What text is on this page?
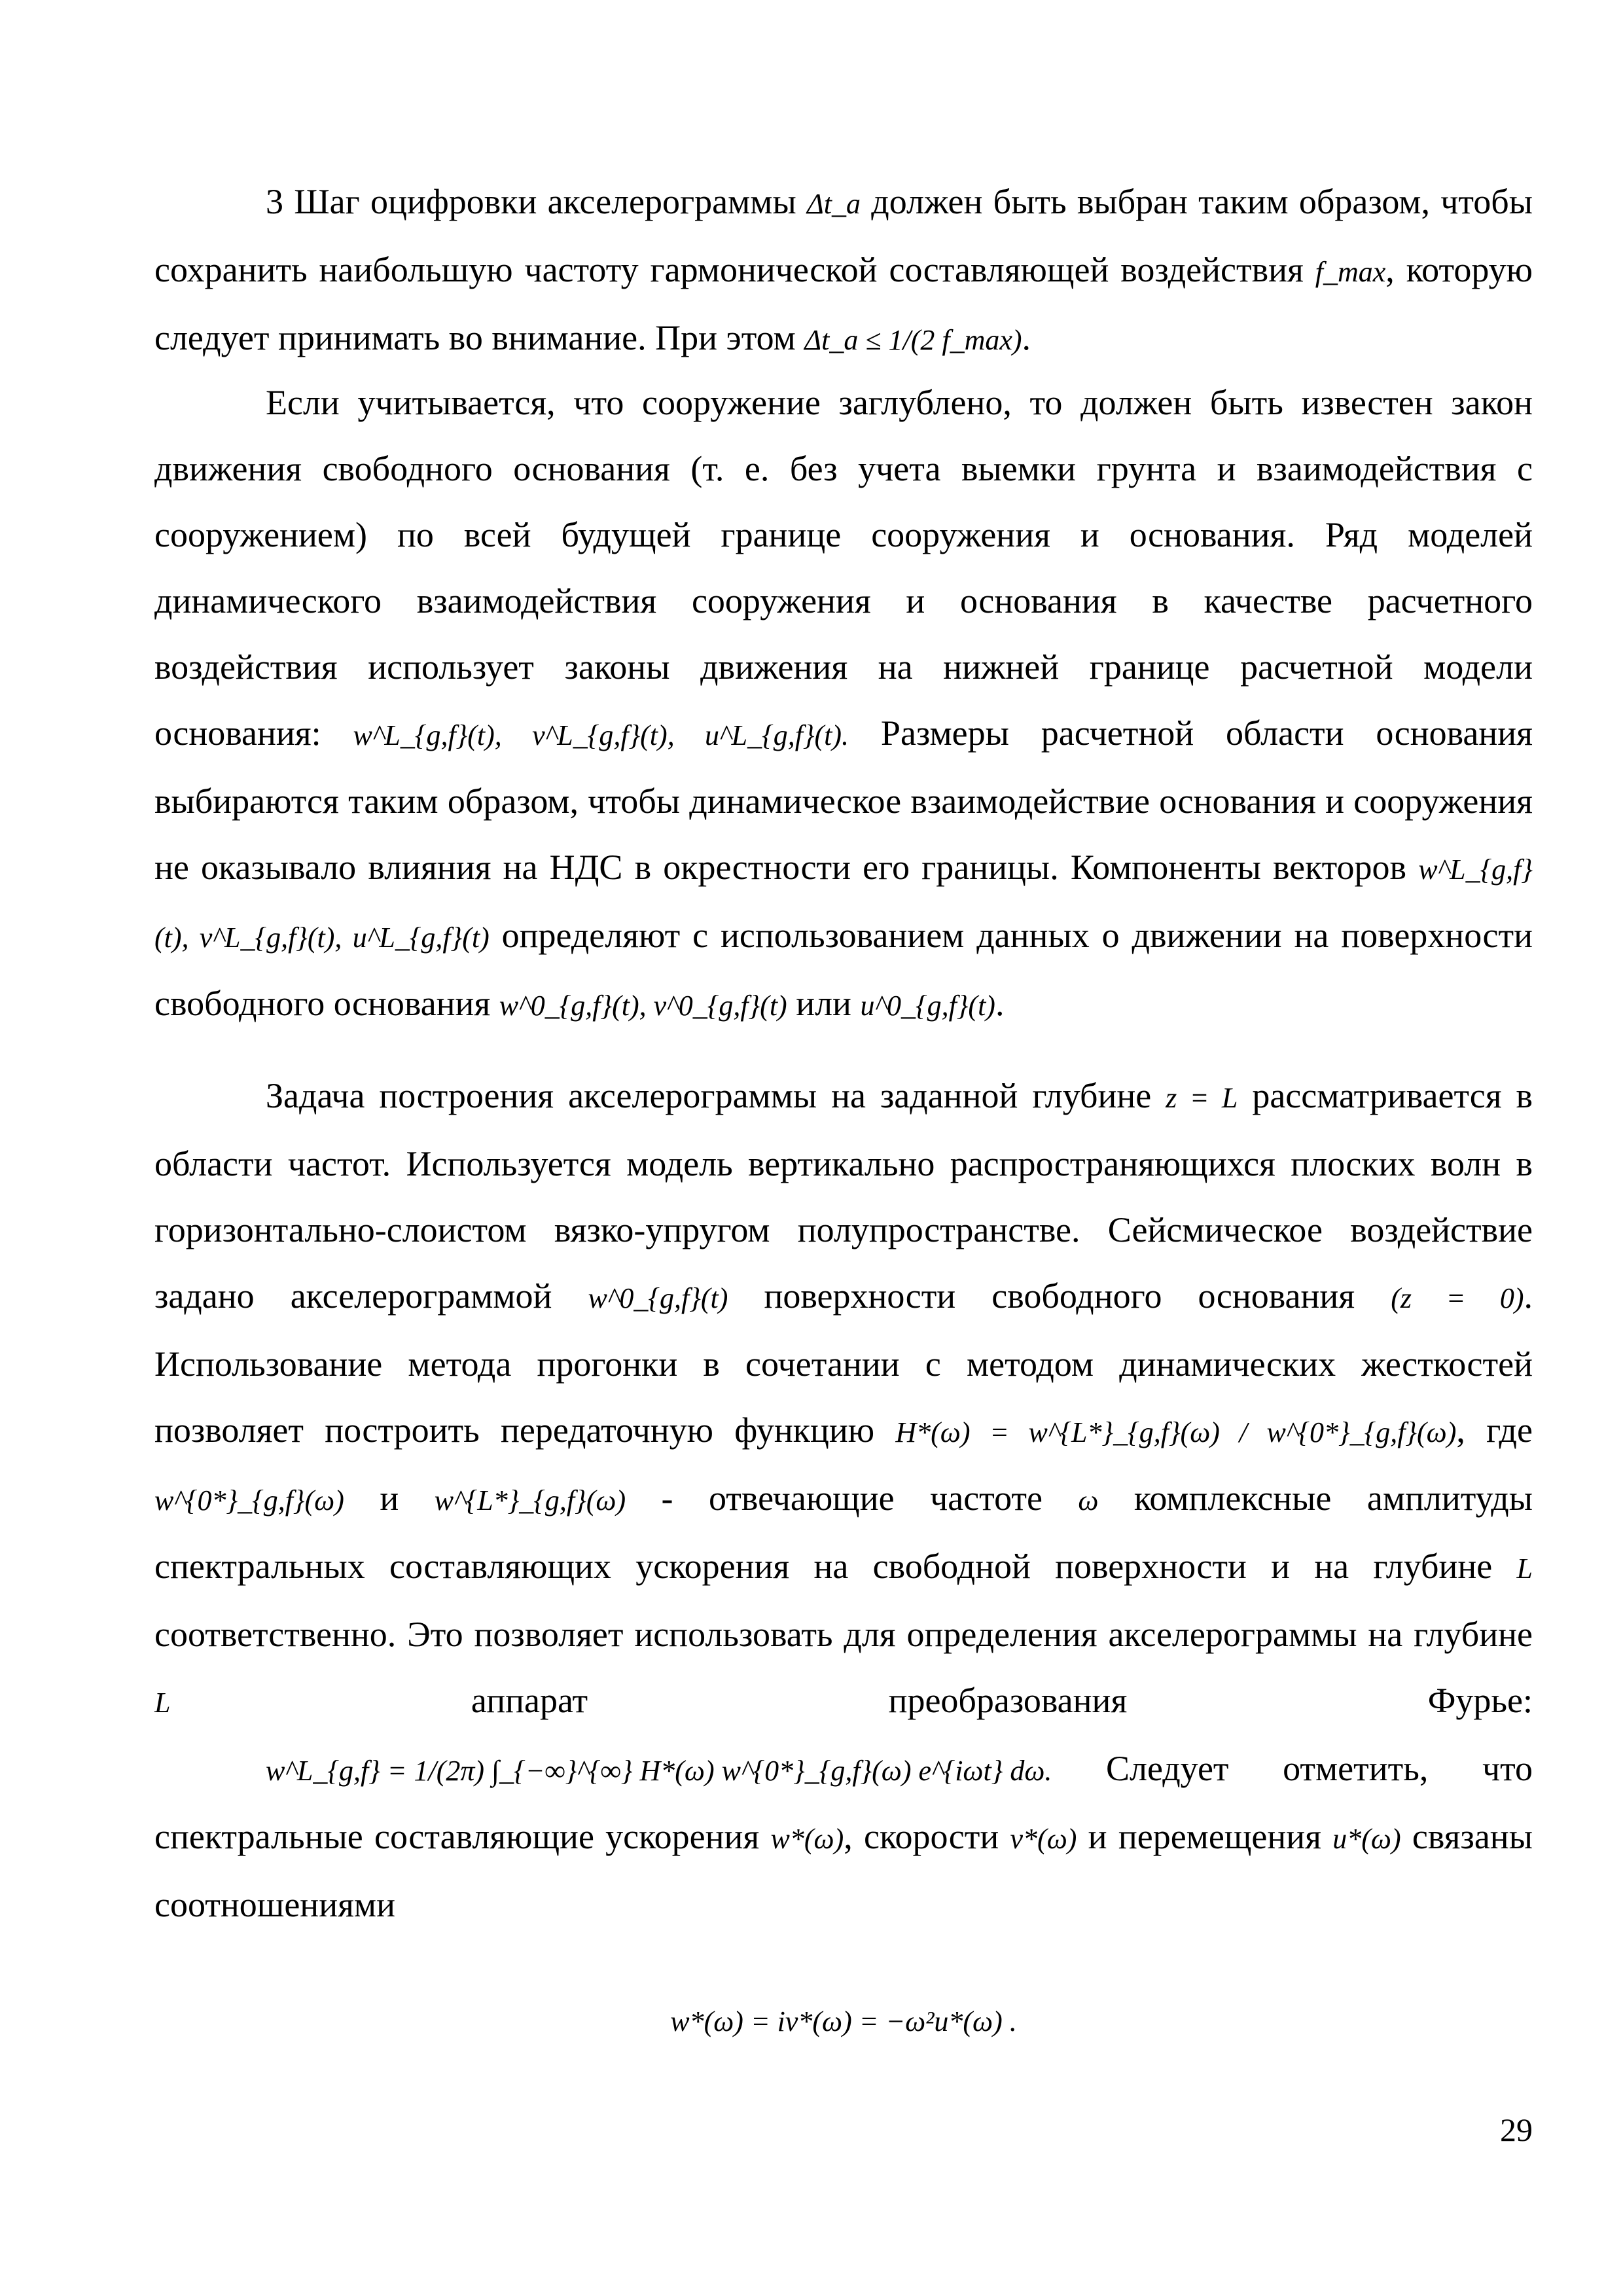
3 Шаг оцифровки акселерограммы Δt_a должен быть выбран таким образом, чтобы сохранить наибольшую частоту гармонической составляющей воздействия f_max, которую следует принимать во внимание. При этом Δt_a ≤ 1/(2 f_max).

Если учитывается, что сооружение заглублено, то должен быть известен закон движения свободного основания (т. е. без учета выемки грунта и взаимодействия с сооружением) по всей будущей границе сооружения и основания. Ряд моделей динамического взаимодействия сооружения и основания в качестве расчетного воздействия использует законы движения на нижней границе расчетной модели основания: w^L_{g,f}(t), v^L_{g,f}(t), u^L_{g,f}(t). Размеры расчетной области основания выбираются таким образом, чтобы динамическое взаимодействие основания и сооружения не оказывало влияния на НДС в окрестности его границы. Компоненты векторов w^L_{g,f}(t), v^L_{g,f}(t), u^L_{g,f}(t) определяют с использованием данных о движении на поверхности свободного основания w^0_{g,f}(t), v^0_{g,f}(t) или u^0_{g,f}(t).

Задача построения акселерограммы на заданной глубине z = L рассматривается в области частот. Используется модель вертикально распространяющихся плоских волн в горизонтально-слоистом вязко-упругом полупространстве. Сейсмическое воздействие задано акселерограммой w^0_{g,f}(t) поверхности свободного основания (z = 0). Использование метода прогонки в сочетании с методом динамических жесткостей позволяет построить передаточную функцию H*(ω) = w^{L*}_{g,f}(ω) / w^{0*}_{g,f}(ω), где w^{0*}_{g,f}(ω) и w^{L*}_{g,f}(ω) - отвечающие частоте ω комплексные амплитуды спектральных составляющих ускорения на свободной поверхности и на глубине L соответственно. Это позволяет использовать для определения акселерограммы на глубине L аппарат преобразования Фурье: w^L_{g,f} = 1/(2π) ∫_{−∞}^{∞} H*(ω) w^{0*}_{g,f}(ω) e^{iωt} dω. Следует отметить, что спектральные составляющие ускорения w*(ω), скорости v*(ω) и перемещения u*(ω) связаны соотношениями

w*(ω) = iv*(ω) = −ω²u*(ω) .
29
